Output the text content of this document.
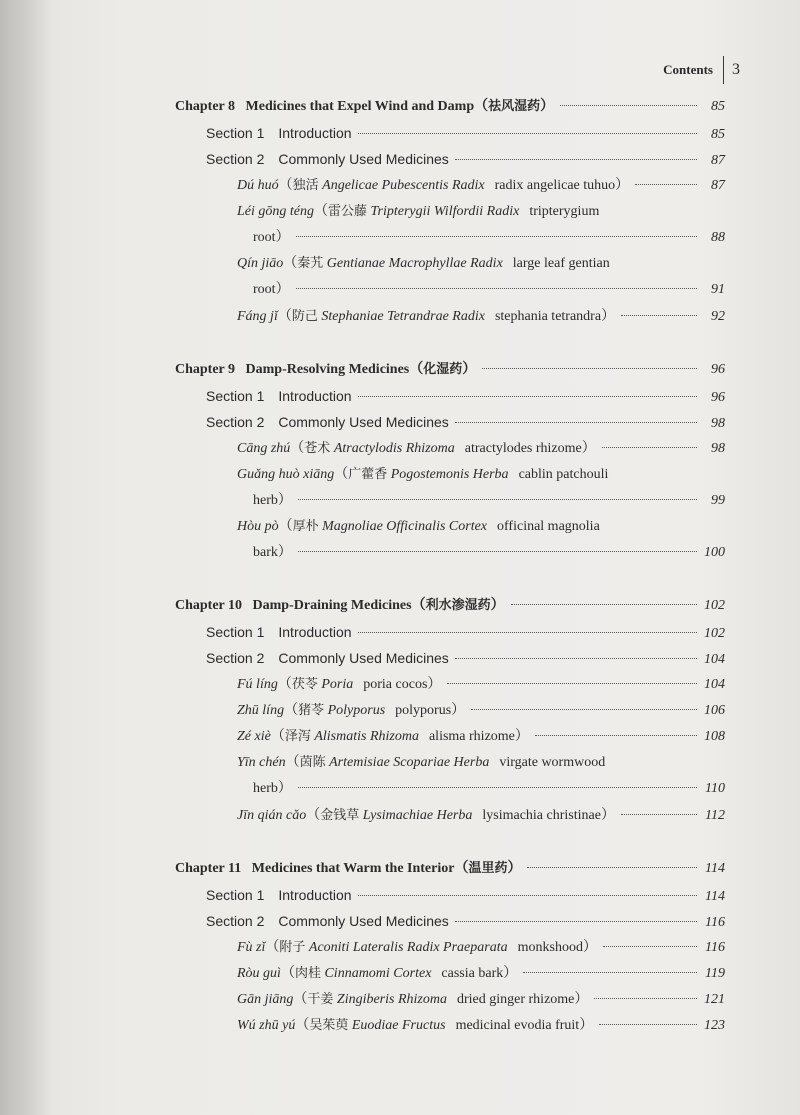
Contents	3
Chapter 8  Medicines that Expel Wind and Damp（祛风湿药）	85
Section 1  Introduction	85
Section 2  Commonly Used Medicines	87
Dú huó（独活 Angelicae Pubescentis Radix radix angelicae tuhuo）	87
Léi gōng téng（雷公藤 Tripterygii Wilfordii Radix tripterygium
root）	88
Qín jiāo（秦艽 Gentianae Macrophyllae Radix large leaf gentian
root）	91
Fáng jǐ（防己 Stephaniae Tetrandrae Radix stephania tetrandra）	92
Chapter 9  Damp-Resolving Medicines（化湿药）	96
Section 1  Introduction	96
Section 2  Commonly Used Medicines	98
Cāng zhú（苍术 Atractylodis Rhizoma atractylodes rhizome）	98
Guǎng huò xiāng（广藿香 Pogostemonis Herba cablin patchouli
herb）	99
Hòu pò（厚朴 Magnoliae Officinalis Cortex officinal magnolia
bark）	100
Chapter 10  Damp-Draining Medicines（利水渗湿药）	102
Section 1  Introduction	102
Section 2  Commonly Used Medicines	104
Fú líng（茯苓 Poria poria cocos）	104
Zhū líng（猪苓 Polyporus polyporus）	106
Zé xiè（泽泻 Alismatis Rhizoma alisma rhizome）	108
Yīn chén（茵陈 Artemisiae Scopariae Herba virgate wormwood
herb）	110
Jīn qián cǎo（金钱草 Lysimachiae Herba lysimachia christinae）	112
Chapter 11  Medicines that Warm the Interior（温里药）	114
Section 1  Introduction	114
Section 2  Commonly Used Medicines	116
Fù zǐ（附子 Aconiti Lateralis Radix Praeparata monkshood）	116
Ròu guì（肉桂 Cinnamomi Cortex cassia bark）	119
Gān jiāng（干姜 Zingiberis Rhizoma dried ginger rhizome）	121
Wú zhū yú（吴茱萸 Euodiae Fructus medicinal evodia fruit）	123
